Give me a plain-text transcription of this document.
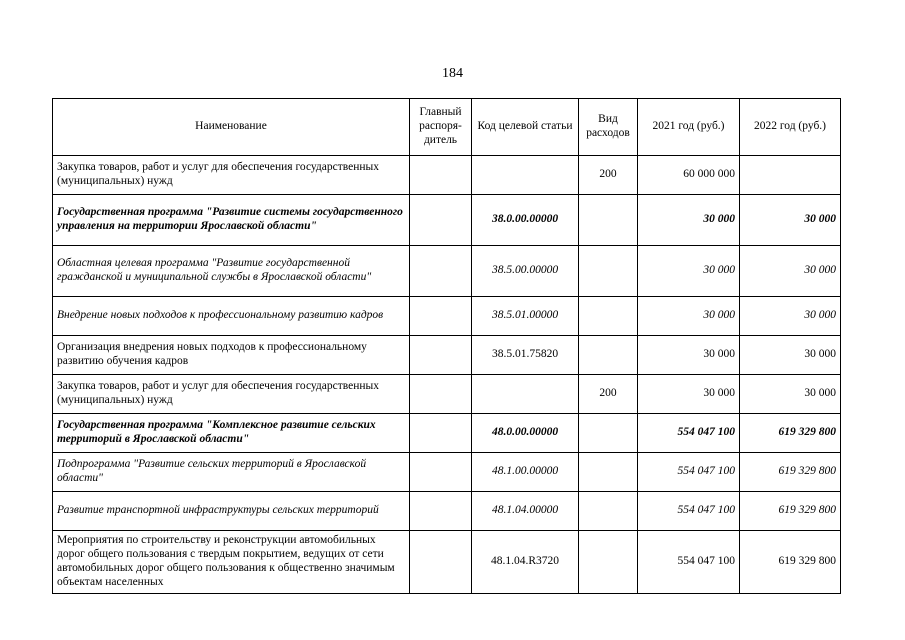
184
Наименование	Главный распоря-дитель	Код целевой статьи	Вид расходов	2021 год (руб.)	2022 год (руб.)
Закупка товаров, работ и услуг для обеспечения государственных (муниципальных) нужд			200	60 000 000	
Государственная программа "Развитие системы государственного управления на территории Ярославской области"		38.0.00.00000		30 000	30 000
Областная целевая программа "Развитие государственной гражданской и муниципальной службы в Ярославской области"		38.5.00.00000		30 000	30 000
Внедрение новых подходов к профессиональному развитию кадров		38.5.01.00000		30 000	30 000
Организация внедрения новых подходов к профессиональному развитию обучения кадров		38.5.01.75820		30 000	30 000
Закупка товаров, работ и услуг для обеспечения государственных (муниципальных) нужд			200	30 000	30 000
Государственная программа "Комплексное развитие сельских территорий в Ярославской области"		48.0.00.00000		554 047 100	619 329 800
Подпрограмма "Развитие сельских территорий в Ярославской области"		48.1.00.00000		554 047 100	619 329 800
Развитие транспортной инфраструктуры сельских территорий		48.1.04.00000		554 047 100	619 329 800
Мероприятия по строительству и реконструкции автомобильных дорог общего пользования с твердым покрытием, ведущих от сети автомобильных дорог общего пользования к общественно значимым объектам населенных		48.1.04.R3720		554 047 100	619 329 800
